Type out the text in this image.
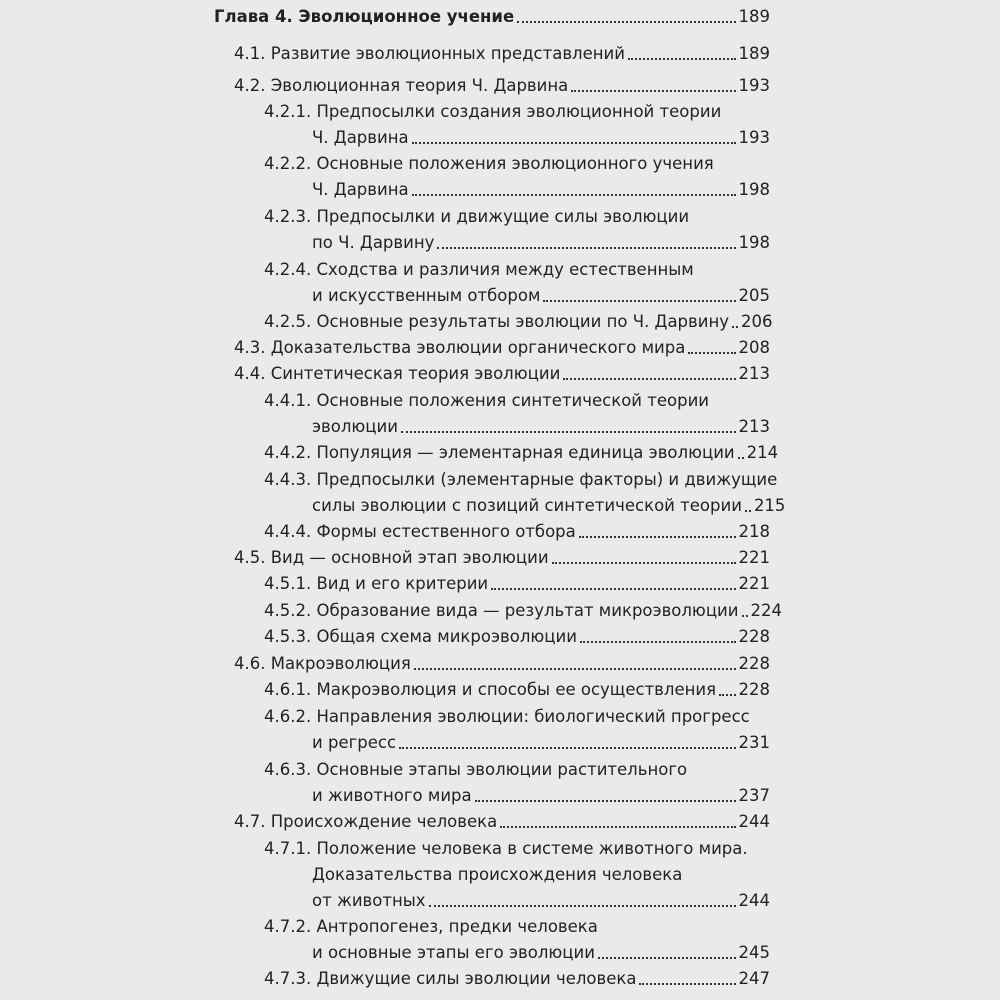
Глава 4. Эволюционное учение	189
4.1. Развитие эволюционных представлений	189
4.2. Эволюционная теория Ч. Дарвина	193
4.2.1. Предпосылки создания эволюционной теории
Ч. Дарвина	193
4.2.2. Основные положения эволюционного учения
Ч. Дарвина	198
4.2.3. Предпосылки и движущие силы эволюции
по Ч. Дарвину	198
4.2.4. Сходства и различия между естественным
и искусственным отбором	205
4.2.5. Основные результаты эволюции по Ч. Дарвину 206
4.3. Доказательства эволюции органического мира	208
4.4. Синтетическая теория эволюции	213
4.4.1. Основные положения синтетической теории
эволюции	213
4.4.2. Популяция — элементарная единица эволюции 214
4.4.3. Предпосылки (элементарные факторы) и движущие
силы эволюции с позиций синтетической теории 215
4.4.4. Формы естественного отбора	218
4.5. Вид — основной этап эволюции	221
4.5.1. Вид и его критерии	221
4.5.2. Образование вида — результат микроэволюции 224
4.5.3. Общая схема микроэволюции	228
4.6. Макроэволюция	228
4.6.1. Макроэволюция и способы ее осуществления 228
4.6.2. Направления эволюции: биологический прогресс
и регресс	231
4.6.3. Основные этапы эволюции растительного
и животного мира	237
4.7. Происхождение человека	244
4.7.1. Положение человека в системе животного мира.
Доказательства происхождения человека
от животных	244
4.7.2. Антропогенез, предки человека
и основные этапы его эволюции	245
4.7.3. Движущие силы эволюции человека	247
